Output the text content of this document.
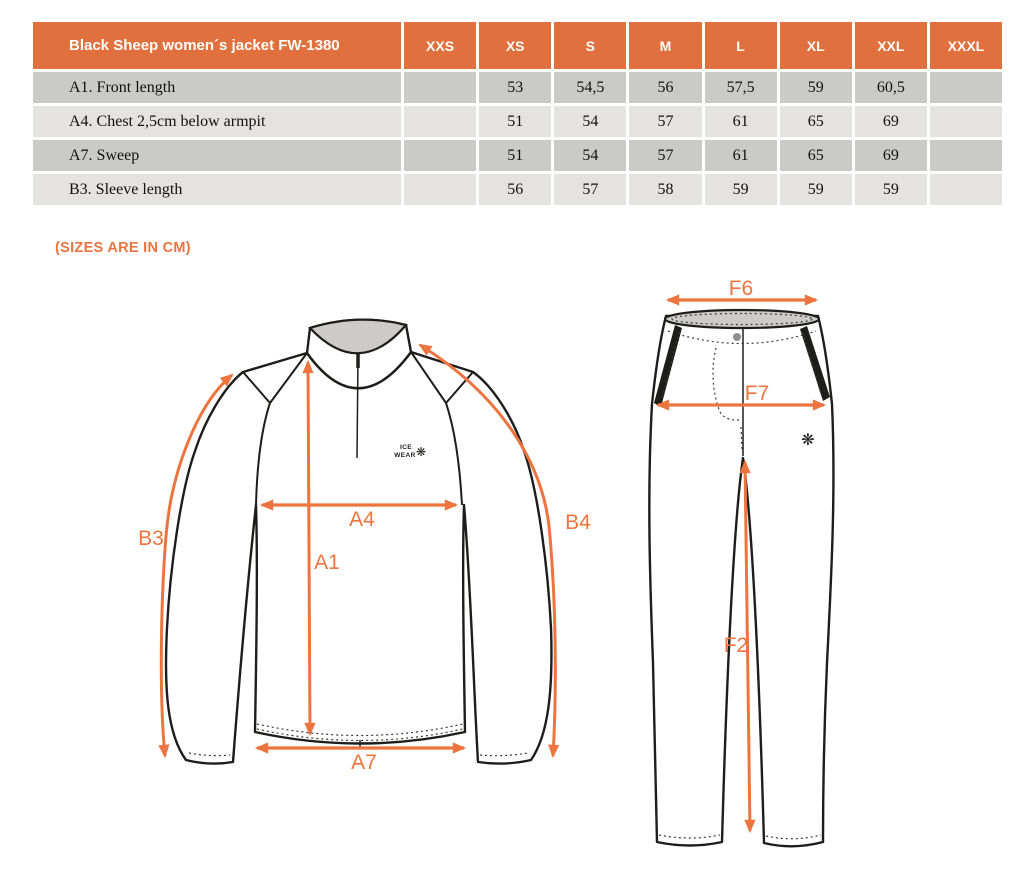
Black Sheep women´s jacket FW-1380	XXS	XS	S	M	L	XL	XXL	XXXL
A1. Front length		53	54,5	56	57,5	59	60,5	
A4. Chest 2,5cm below armpit		51	54	57	61	65	69	
A7. Sweep		51	54	57	61	65	69	
B3. Sleeve length		56	57	58	59	59	59	
(SIZES ARE IN CM)
ICE
WEAR ❋
A1
A4
A7
B3
B4
❋
F6
F7
F2
